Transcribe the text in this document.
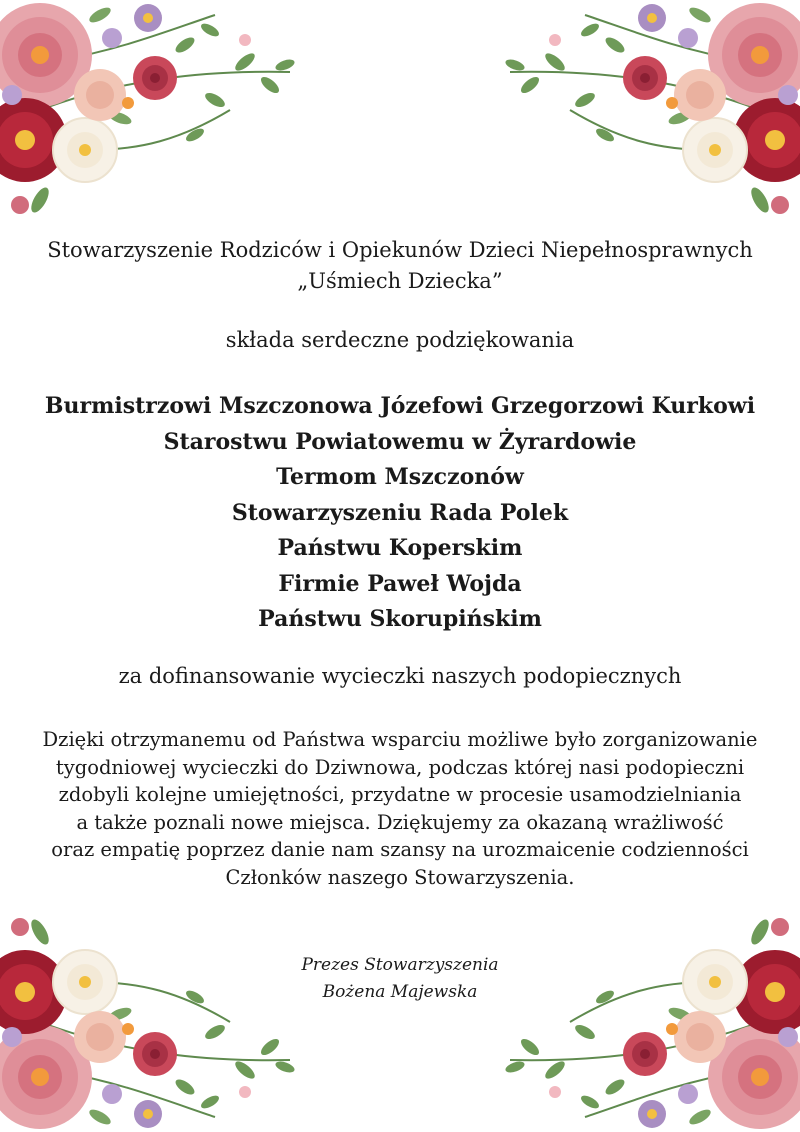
Stowarzyszenie Rodziców i Opiekunów Dzieci Niepełnosprawnych
„Uśmiech Dziecka”
składa serdeczne podziękowania
Burmistrzowi Mszczonowa Józefowi Grzegorzowi Kurkowi
Starostwu Powiatowemu w Żyrardowie
Termom Mszczonów
Stowarzyszeniu Rada Polek
Państwu Koperskim
Firmie Paweł Wojda
Państwu Skorupińskim
za dofinansowanie wycieczki naszych podopiecznych
Dzięki otrzymanemu od Państwa wsparciu możliwe było zorganizowanie
tygodniowej wycieczki do Dziwnowa, podczas której nasi podopieczni
zdobyli kolejne umiejętności, przydatne w procesie usamodzielniania
a także poznali nowe miejsca. Dziękujemy za okazaną wrażliwość
oraz empatię poprzez danie nam szansy na urozmaicenie codzienności
Członków naszego Stowarzyszenia.
Prezes Stowarzyszenia
Bożena Majewska
